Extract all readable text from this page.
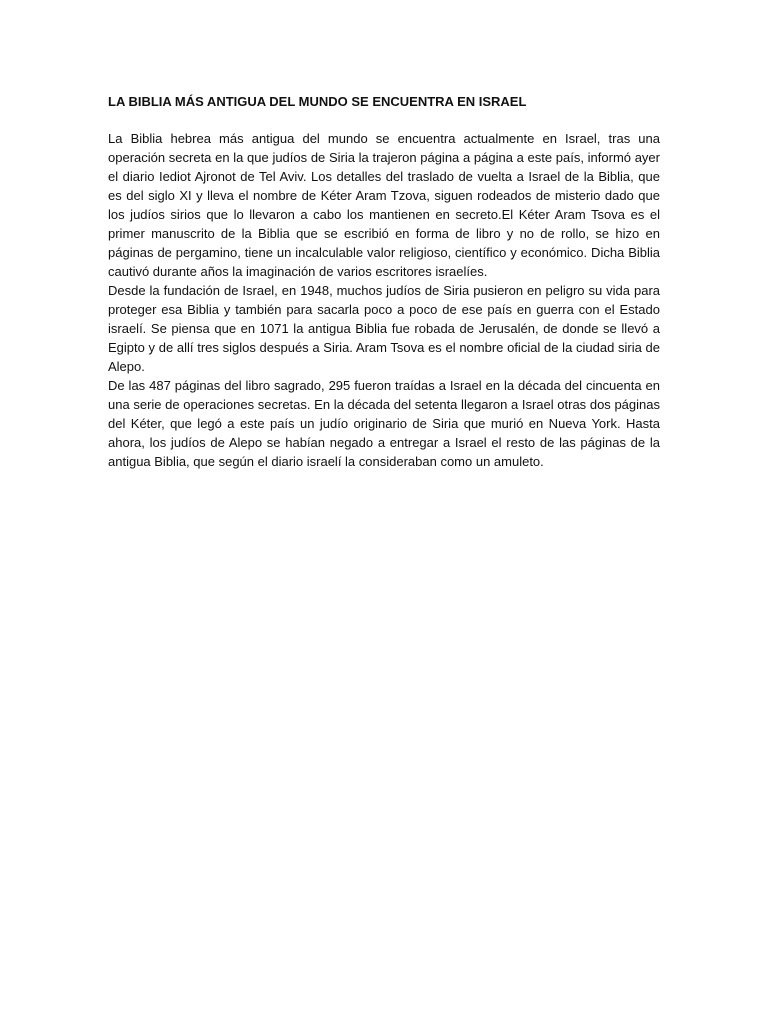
LA BIBLIA MÁS ANTIGUA DEL MUNDO SE ENCUENTRA EN ISRAEL

La Biblia hebrea más antigua del mundo se encuentra actualmente en Israel, tras una operación secreta en la que judíos de Siria la trajeron página a página a este país, informó ayer el diario Iediot Ajronot de Tel Aviv. Los detalles del traslado de vuelta a Israel de la Biblia, que es del siglo XI y lleva el nombre de Kéter Aram Tzova, siguen rodeados de misterio dado que los judíos sirios que lo llevaron a cabo los mantienen en secreto.El Kéter Aram Tsova es el primer manuscrito de la Biblia que se escribió en forma de libro y no de rollo, se hizo en páginas de pergamino, tiene un incalculable valor religioso, científico y económico. Dicha Biblia cautivó durante años la imaginación de varios escritores israelíes.

Desde la fundación de Israel, en 1948, muchos judíos de Siria pusieron en peligro su vida para proteger esa Biblia y también para sacarla poco a poco de ese país en guerra con el Estado israelí. Se piensa que en 1071 la antigua Biblia fue robada de Jerusalén, de donde se llevó a Egipto y de allí tres siglos después a Siria. Aram Tsova es el nombre oficial de la ciudad siria de Alepo.

De las 487 páginas del libro sagrado, 295 fueron traídas a Israel en la década del cincuenta en una serie de operaciones secretas. En la década del setenta llegaron a Israel otras dos páginas del Kéter, que legó a este país un judío originario de Siria que murió en Nueva York. Hasta ahora, los judíos de Alepo se habían negado a entregar a Israel el resto de las páginas de la antigua Biblia, que según el diario israelí la consideraban como un amuleto.
